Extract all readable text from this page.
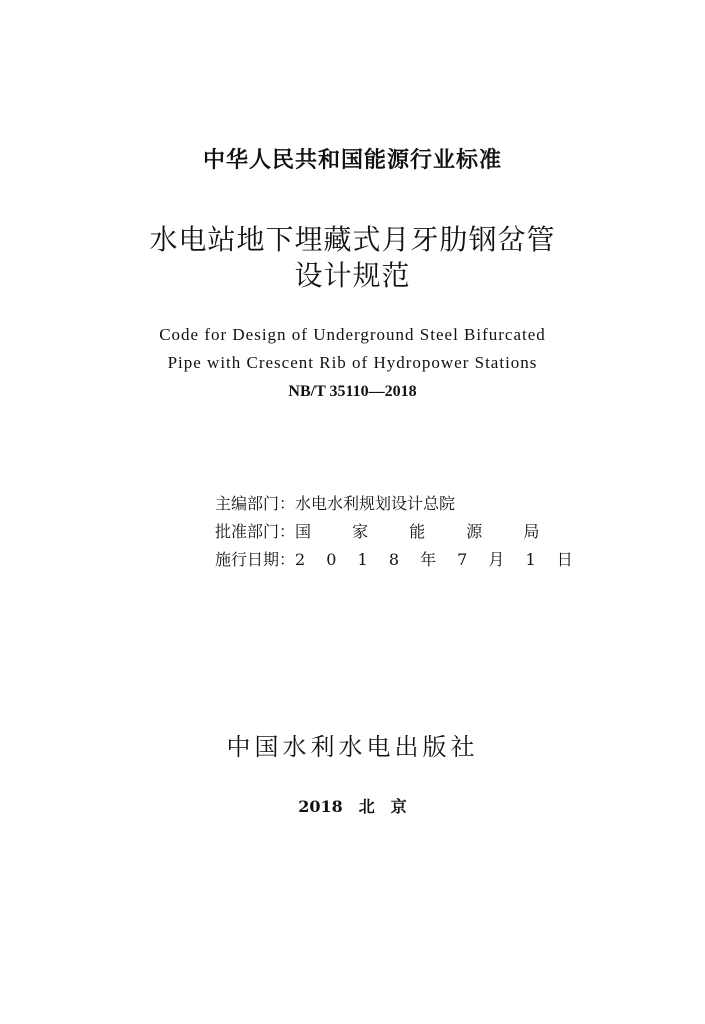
中华人民共和国能源行业标准
水电站地下埋藏式月牙肋钢岔管
设计规范
Code for Design of Underground Steel Bifurcated
Pipe with Crescent Rib of Hydropower Stations
NB/T 35110—2018
主编部门：水电水利规划设计总院
批准部门：国 家 能 源 局
施行日期：2 0 1 8 年 7 月 1 日
中国水利水电出版社
2018　北　京
